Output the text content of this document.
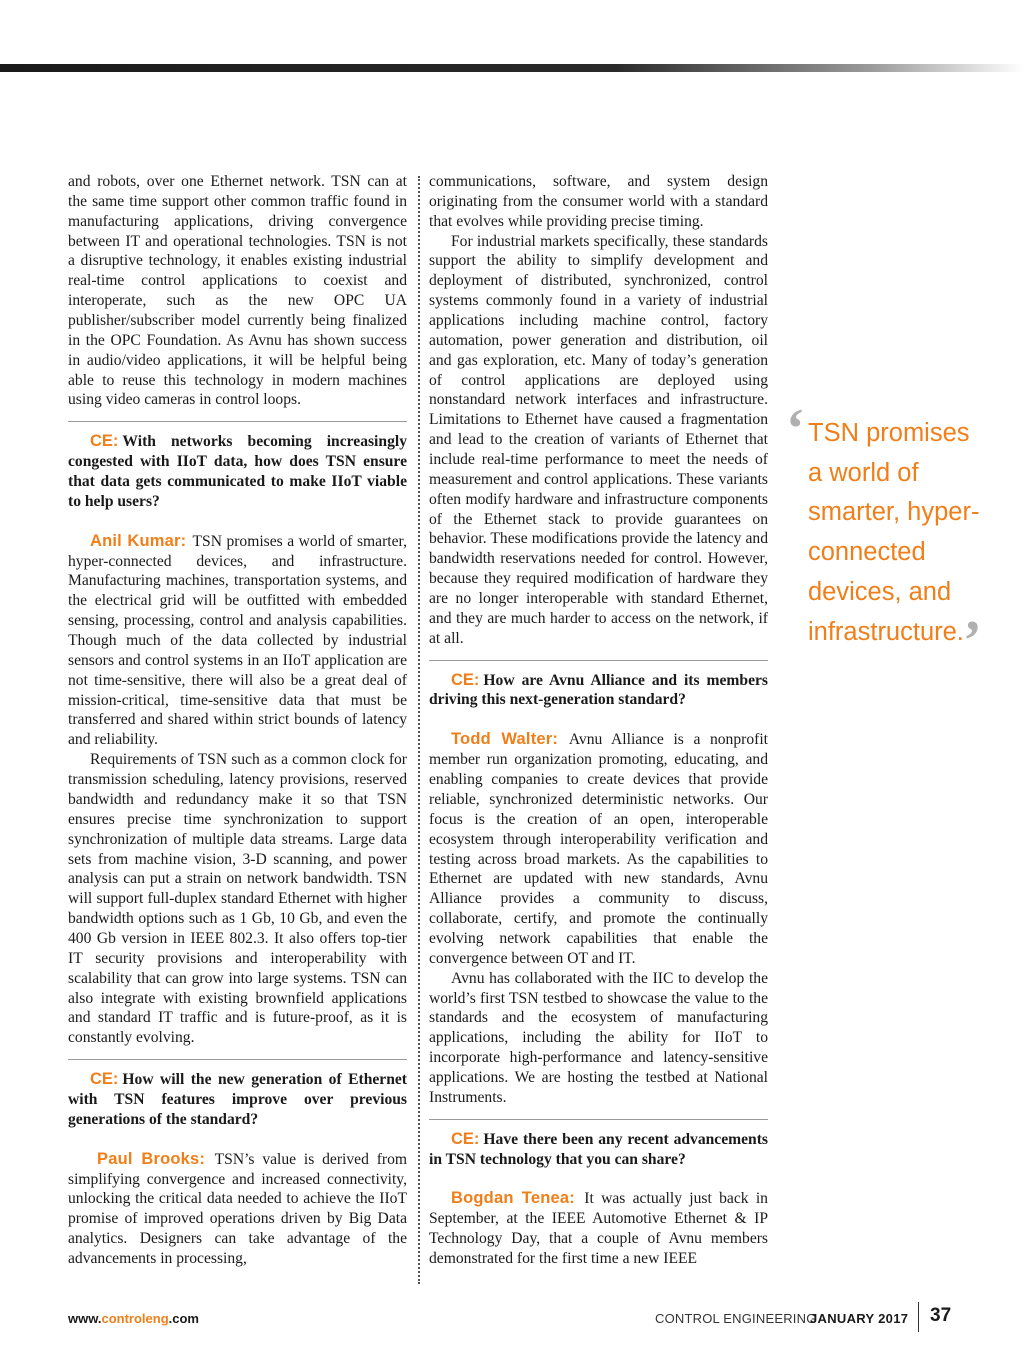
and robots, over one Ethernet network. TSN can at the same time support other common traffic found in manufacturing applications, driving convergence between IT and operational technologies. TSN is not a disruptive technology, it enables existing industrial real-time control applications to coexist and interoperate, such as the new OPC UA publisher/subscriber model currently being finalized in the OPC Foundation. As Avnu has shown success in audio/video applications, it will be helpful being able to reuse this technology in modern machines using video cameras in control loops.

CE: With networks becoming increasingly congested with IIoT data, how does TSN ensure that data gets communicated to make IIoT viable to help users?

Anil Kumar: TSN promises a world of smarter, hyper-connected devices, and infrastructure. Manufacturing machines, transportation systems, and the electrical grid will be outfitted with embedded sensing, processing, control and analysis capabilities. Though much of the data collected by industrial sensors and control systems in an IIoT application are not time-sensitive, there will also be a great deal of mission-critical, time-sensitive data that must be transferred and shared within strict bounds of latency and reliability.

Requirements of TSN such as a common clock for transmission scheduling, latency provisions, reserved bandwidth and redundancy make it so that TSN ensures precise time synchronization to support synchronization of multiple data streams. Large data sets from machine vision, 3-D scanning, and power analysis can put a strain on network bandwidth. TSN will support full-duplex standard Ethernet with higher bandwidth options such as 1 Gb, 10 Gb, and even the 400 Gb version in IEEE 802.3. It also offers top-tier IT security provisions and interoperability with scalability that can grow into large systems. TSN can also integrate with existing brownfield applications and standard IT traffic and is future-proof, as it is constantly evolving.

CE: How will the new generation of Ethernet with TSN features improve over previous generations of the standard?

Paul Brooks: TSN’s value is derived from simplifying convergence and increased connectivity, unlocking the critical data needed to achieve the IIoT promise of improved operations driven by Big Data analytics. Designers can take advantage of the advancements in processing,

communications, software, and system design originating from the consumer world with a standard that evolves while providing precise timing.

For industrial markets specifically, these standards support the ability to simplify development and deployment of distributed, synchronized, control systems commonly found in a variety of industrial applications including machine control, factory automation, power generation and distribution, oil and gas exploration, etc. Many of today’s generation of control applications are deployed using nonstandard network interfaces and infrastructure. Limitations to Ethernet have caused a fragmentation and lead to the creation of variants of Ethernet that include real-time performance to meet the needs of measurement and control applications. These variants often modify hardware and infrastructure components of the Ethernet stack to provide guarantees on behavior. These modifications provide the latency and bandwidth reservations needed for control. However, because they required modification of hardware they are no longer interoperable with standard Ethernet, and they are much harder to access on the network, if at all.

CE: How are Avnu Alliance and its members driving this next-generation standard?

Todd Walter: Avnu Alliance is a nonprofit member run organization promoting, educating, and enabling companies to create devices that provide reliable, synchronized deterministic networks. Our focus is the creation of an open, interoperable ecosystem through interoperability verification and testing across broad markets. As the capabilities to Ethernet are updated with new standards, Avnu Alliance provides a community to discuss, collaborate, certify, and promote the continually evolving network capabilities that enable the convergence between OT and IT.

Avnu has collaborated with the IIC to develop the world’s first TSN testbed to showcase the value to the standards and the ecosystem of manufacturing applications, including the ability for IIoT to incorporate high-performance and latency-sensitive applications. We are hosting the testbed at National Instruments.

CE: Have there been any recent advancements in TSN technology that you can share?

Bogdan Tenea: It was actually just back in September, at the IEEE Automotive Ethernet & IP Technology Day, that a couple of Avnu members demonstrated for the first time a new IEEE

‘ TSN promises
a world of
smarter, hyper-
connected
devices, and
infrastructure. ’
www.controleng.com	CONTROL ENGINEERING
JANUARY 2017 37
